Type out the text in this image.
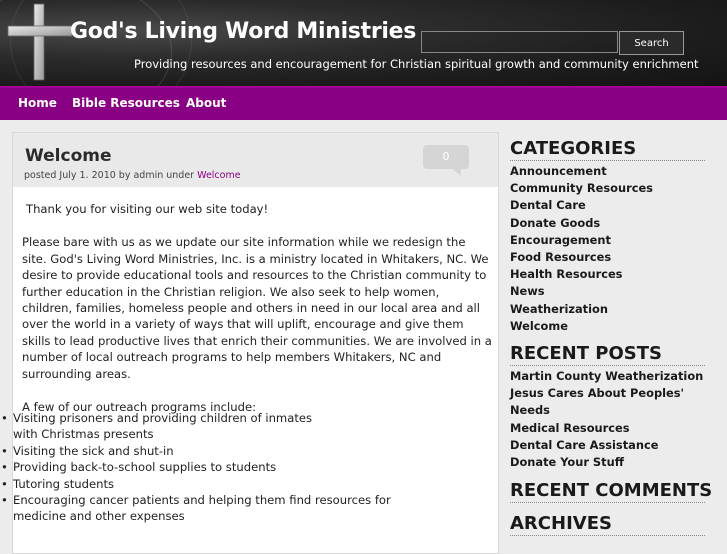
God's Living Word Ministries
Providing resources and encouragement for Christian spiritual growth and community enrichment
Search
Home Bible Resources About
Welcome
posted July 1. 2010 by admin under Welcome
0

Thank you for visiting our web site today!

Please bare with us as we update our site information while we redesign the site. God's Living Word Ministries, Inc. is a ministry located in Whitakers, NC. We desire to provide educational tools and resources to the Christian community to further education in the Christian religion. We also seek to help women, children, families, homeless people and others in need in our local area and all over the world in a variety of ways that will uplift, encourage and give them skills to lead productive lives that enrich their communities. We are involved in a number of local outreach programs to help members Whitakers, NC and surrounding areas.

A few of our outreach programs include:

• Visiting prisoners and providing children of inmates
with Christmas presents
• Visiting the sick and shut-in
• Providing back-to-school supplies to students
• Tutoring students
• Encouraging cancer patients and helping them find resources for
medicine and other expenses
CATEGORIES
Announcement
Community Resources
Dental Care
Donate Goods
Encouragement
Food Resources
Health Resources
News
Weatherization
Welcome
RECENT POSTS
Martin County Weatherization
Jesus Cares About Peoples' Needs
Medical Resources
Dental Care Assistance
Donate Your Stuff
RECENT COMMENTS
ARCHIVES
